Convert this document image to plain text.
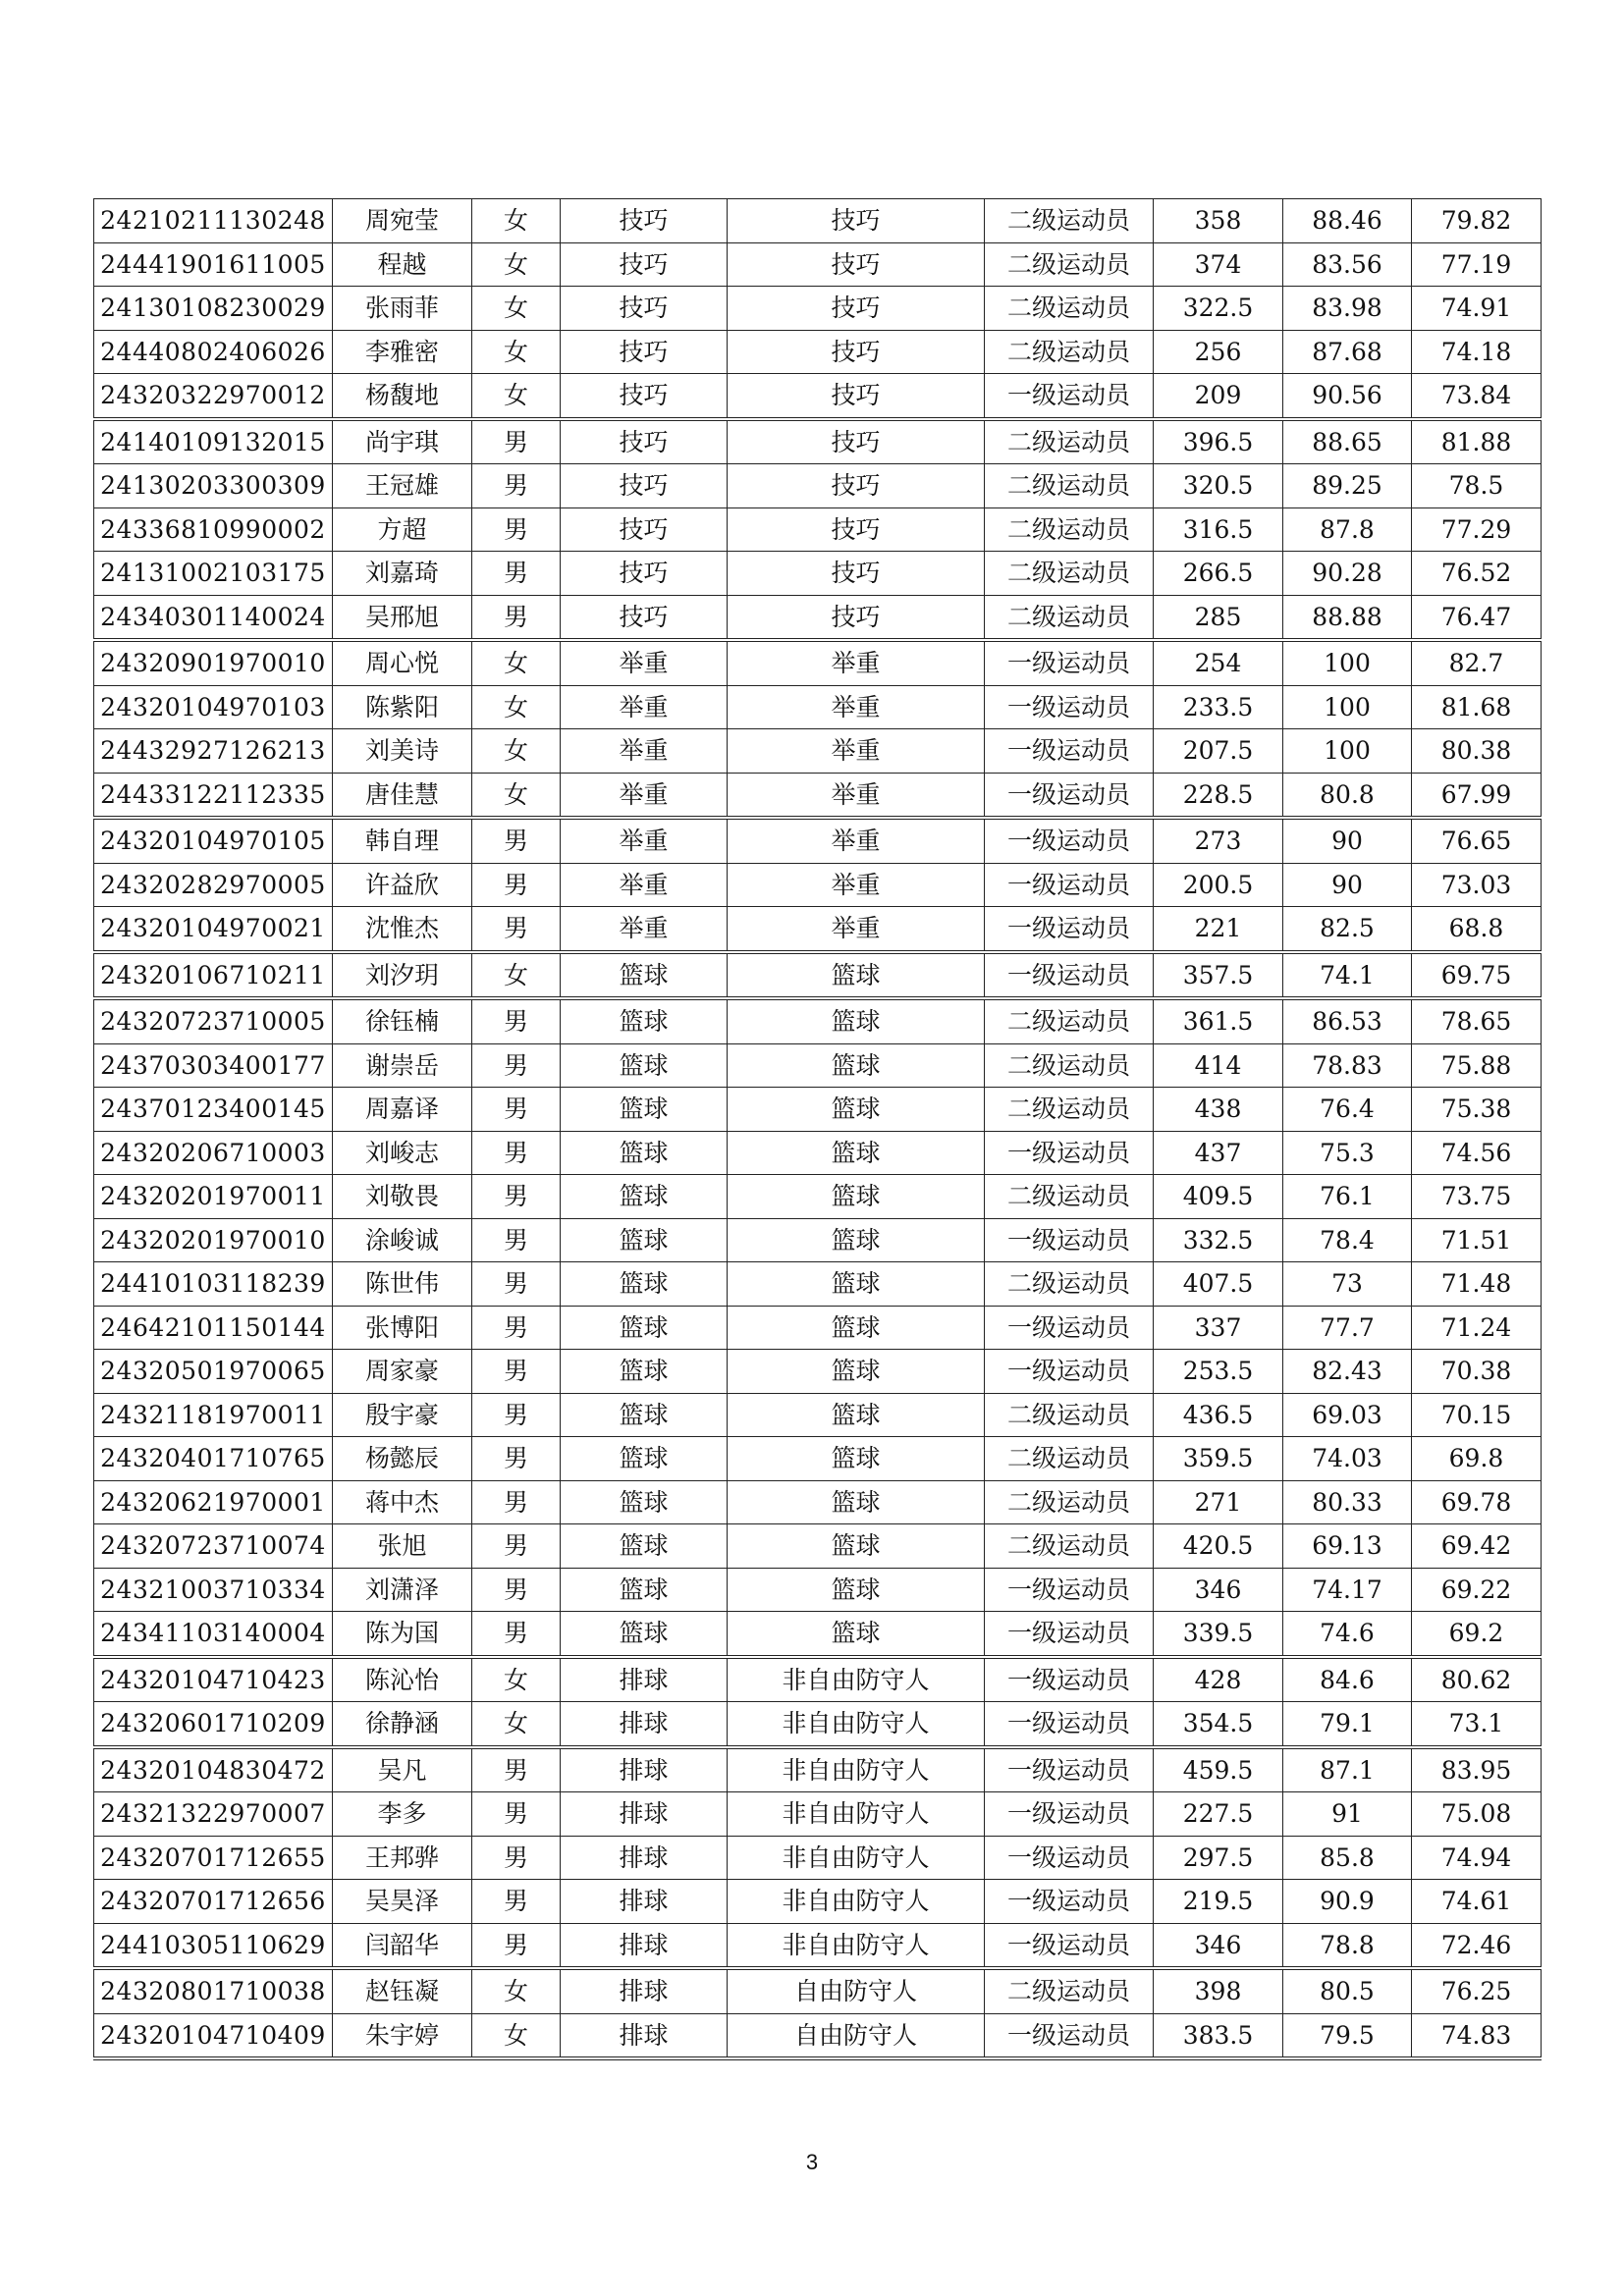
24210211130248	周宛莹	女	技巧	技巧	二级运动员	358	88.46	79.82
24441901611005	程越	女	技巧	技巧	二级运动员	374	83.56	77.19
24130108230029	张雨菲	女	技巧	技巧	二级运动员	322.5	83.98	74.91
24440802406026	李雅密	女	技巧	技巧	二级运动员	256	87.68	74.18
24320322970012	杨馥地	女	技巧	技巧	一级运动员	209	90.56	73.84
24140109132015	尚宇琪	男	技巧	技巧	二级运动员	396.5	88.65	81.88
24130203300309	王冠雄	男	技巧	技巧	二级运动员	320.5	89.25	78.5
24336810990002	方超	男	技巧	技巧	二级运动员	316.5	87.8	77.29
24131002103175	刘嘉琦	男	技巧	技巧	二级运动员	266.5	90.28	76.52
24340301140024	吴邢旭	男	技巧	技巧	二级运动员	285	88.88	76.47
24320901970010	周心悦	女	举重	举重	一级运动员	254	100	82.7
24320104970103	陈紫阳	女	举重	举重	一级运动员	233.5	100	81.68
24432927126213	刘美诗	女	举重	举重	一级运动员	207.5	100	80.38
24433122112335	唐佳慧	女	举重	举重	一级运动员	228.5	80.8	67.99
24320104970105	韩自理	男	举重	举重	一级运动员	273	90	76.65
24320282970005	许益欣	男	举重	举重	一级运动员	200.5	90	73.03
24320104970021	沈惟杰	男	举重	举重	一级运动员	221	82.5	68.8
24320106710211	刘汐玥	女	篮球	篮球	一级运动员	357.5	74.1	69.75
24320723710005	徐钰楠	男	篮球	篮球	二级运动员	361.5	86.53	78.65
24370303400177	谢崇岳	男	篮球	篮球	二级运动员	414	78.83	75.88
24370123400145	周嘉译	男	篮球	篮球	二级运动员	438	76.4	75.38
24320206710003	刘峻志	男	篮球	篮球	一级运动员	437	75.3	74.56
24320201970011	刘敬畏	男	篮球	篮球	二级运动员	409.5	76.1	73.75
24320201970010	涂峻诚	男	篮球	篮球	一级运动员	332.5	78.4	71.51
24410103118239	陈世伟	男	篮球	篮球	二级运动员	407.5	73	71.48
24642101150144	张博阳	男	篮球	篮球	一级运动员	337	77.7	71.24
24320501970065	周家豪	男	篮球	篮球	一级运动员	253.5	82.43	70.38
24321181970011	殷宇豪	男	篮球	篮球	二级运动员	436.5	69.03	70.15
24320401710765	杨懿辰	男	篮球	篮球	二级运动员	359.5	74.03	69.8
24320621970001	蒋中杰	男	篮球	篮球	二级运动员	271	80.33	69.78
24320723710074	张旭	男	篮球	篮球	二级运动员	420.5	69.13	69.42
24321003710334	刘潇泽	男	篮球	篮球	一级运动员	346	74.17	69.22
24341103140004	陈为国	男	篮球	篮球	一级运动员	339.5	74.6	69.2
24320104710423	陈沁怡	女	排球	非自由防守人	一级运动员	428	84.6	80.62
24320601710209	徐静涵	女	排球	非自由防守人	一级运动员	354.5	79.1	73.1
24320104830472	吴凡	男	排球	非自由防守人	一级运动员	459.5	87.1	83.95
24321322970007	李多	男	排球	非自由防守人	一级运动员	227.5	91	75.08
24320701712655	王邦骅	男	排球	非自由防守人	一级运动员	297.5	85.8	74.94
24320701712656	吴昊泽	男	排球	非自由防守人	一级运动员	219.5	90.9	74.61
24410305110629	闫韶华	男	排球	非自由防守人	一级运动员	346	78.8	72.46
24320801710038	赵钰凝	女	排球	自由防守人	二级运动员	398	80.5	76.25
24320104710409	朱宇婷	女	排球	自由防守人	一级运动员	383.5	79.5	74.83
3
